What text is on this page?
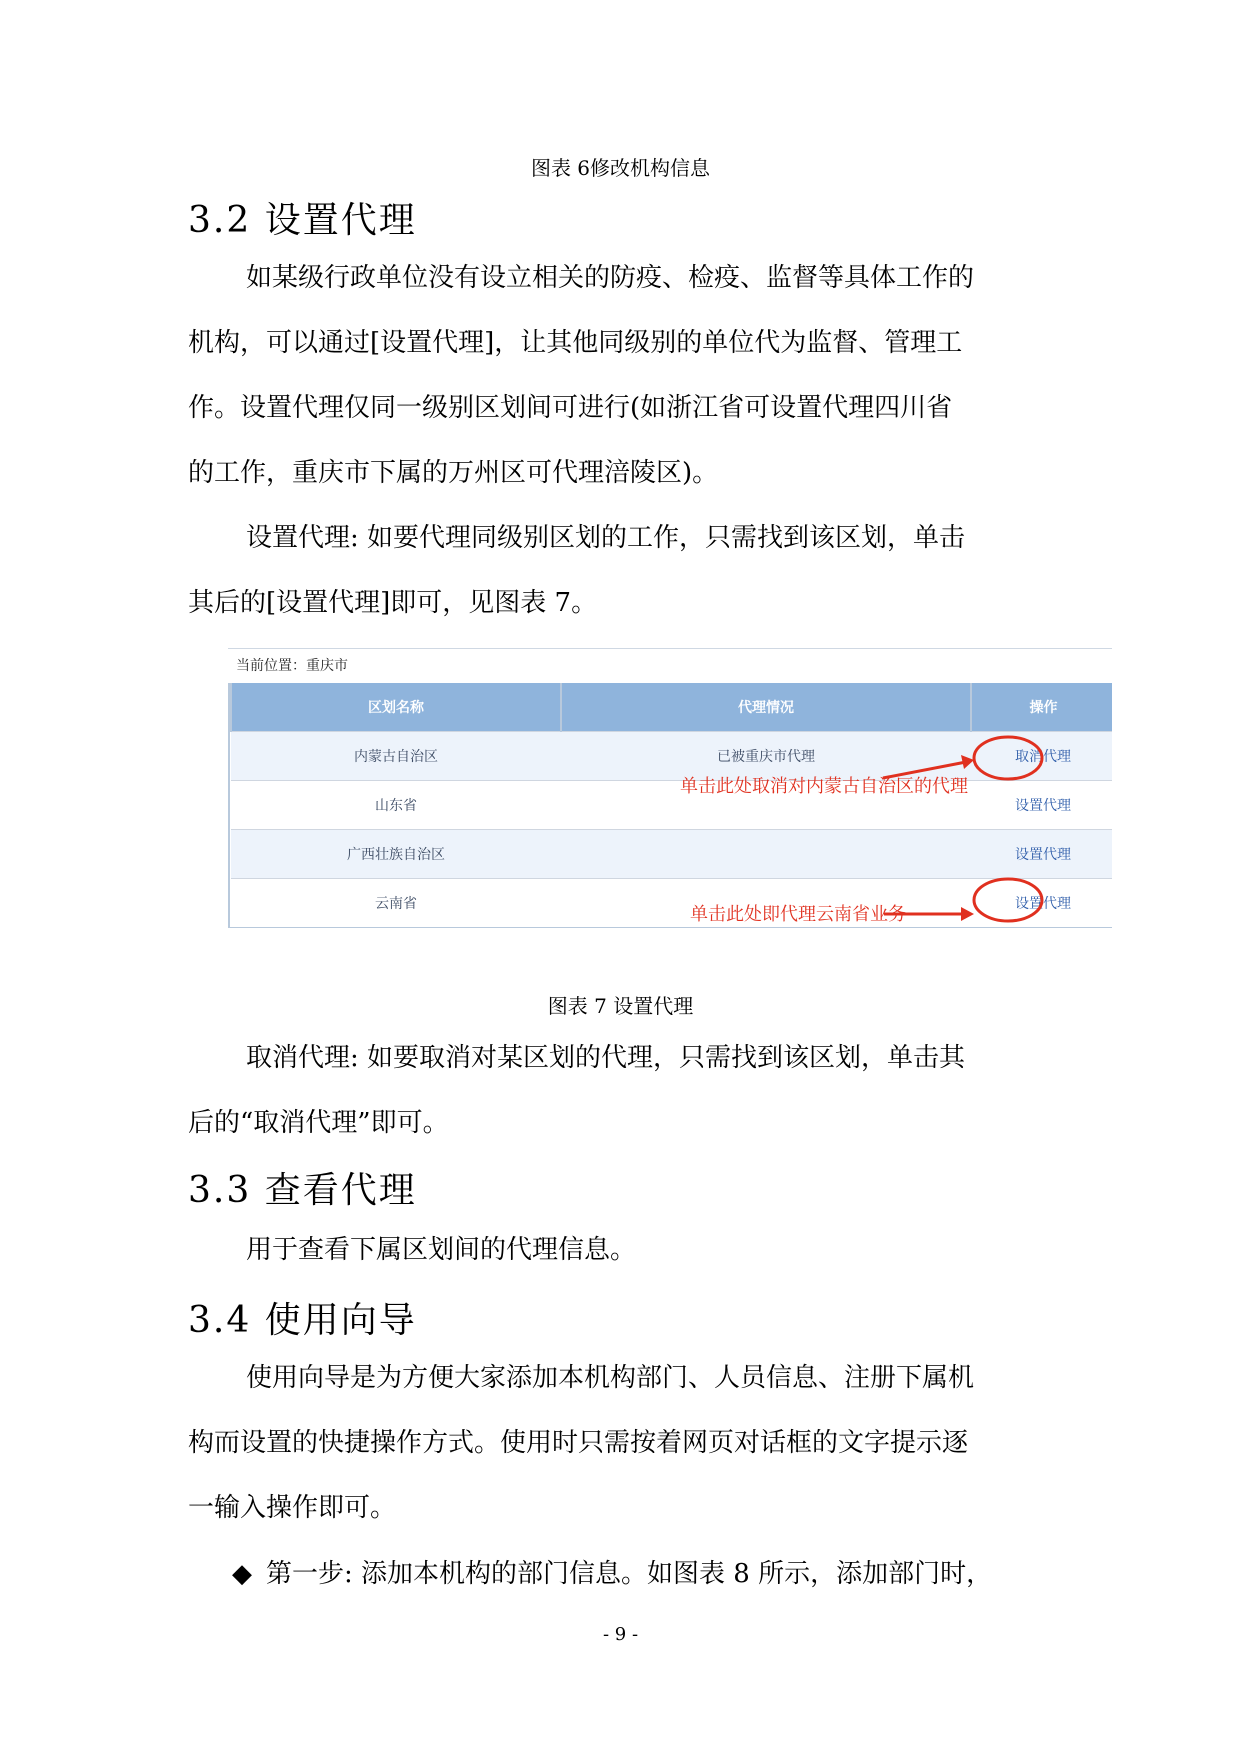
图表 6修改机构信息
3.2 设置代理
如某级行政单位没有设立相关的防疫、检疫、监督等具体工作的
机构，可以通过[设置代理]，让其他同级别的单位代为监督、管理工
作。设置代理仅同一级别区划间可进行(如浙江省可设置代理四川省
的工作，重庆市下属的万州区可代理涪陵区)。
设置代理: 如要代理同级别区划的工作，只需找到该区划，单击
其后的[设置代理]即可，见图表 7。
当前位置：重庆市
区划名称	代理情况	操作
内蒙古自治区	已被重庆市代理	取消代理
山东省		设置代理
广西壮族自治区		设置代理
云南省		设置代理
单击此处取消对内蒙古自治区的代理
单击此处即代理云南省业务
图表 7 设置代理
取消代理: 如要取消对某区划的代理，只需找到该区划，单击其
后的“取消代理”即可。
3.3 查看代理
用于查看下属区划间的代理信息。
3.4 使用向导
使用向导是为方便大家添加本机构部门、人员信息、注册下属机
构而设置的快捷操作方式。使用时只需按着网页对话框的文字提示逐
一输入操作即可。
◆ 第一步: 添加本机构的部门信息。如图表 8 所示，添加部门时，
- 9 -
